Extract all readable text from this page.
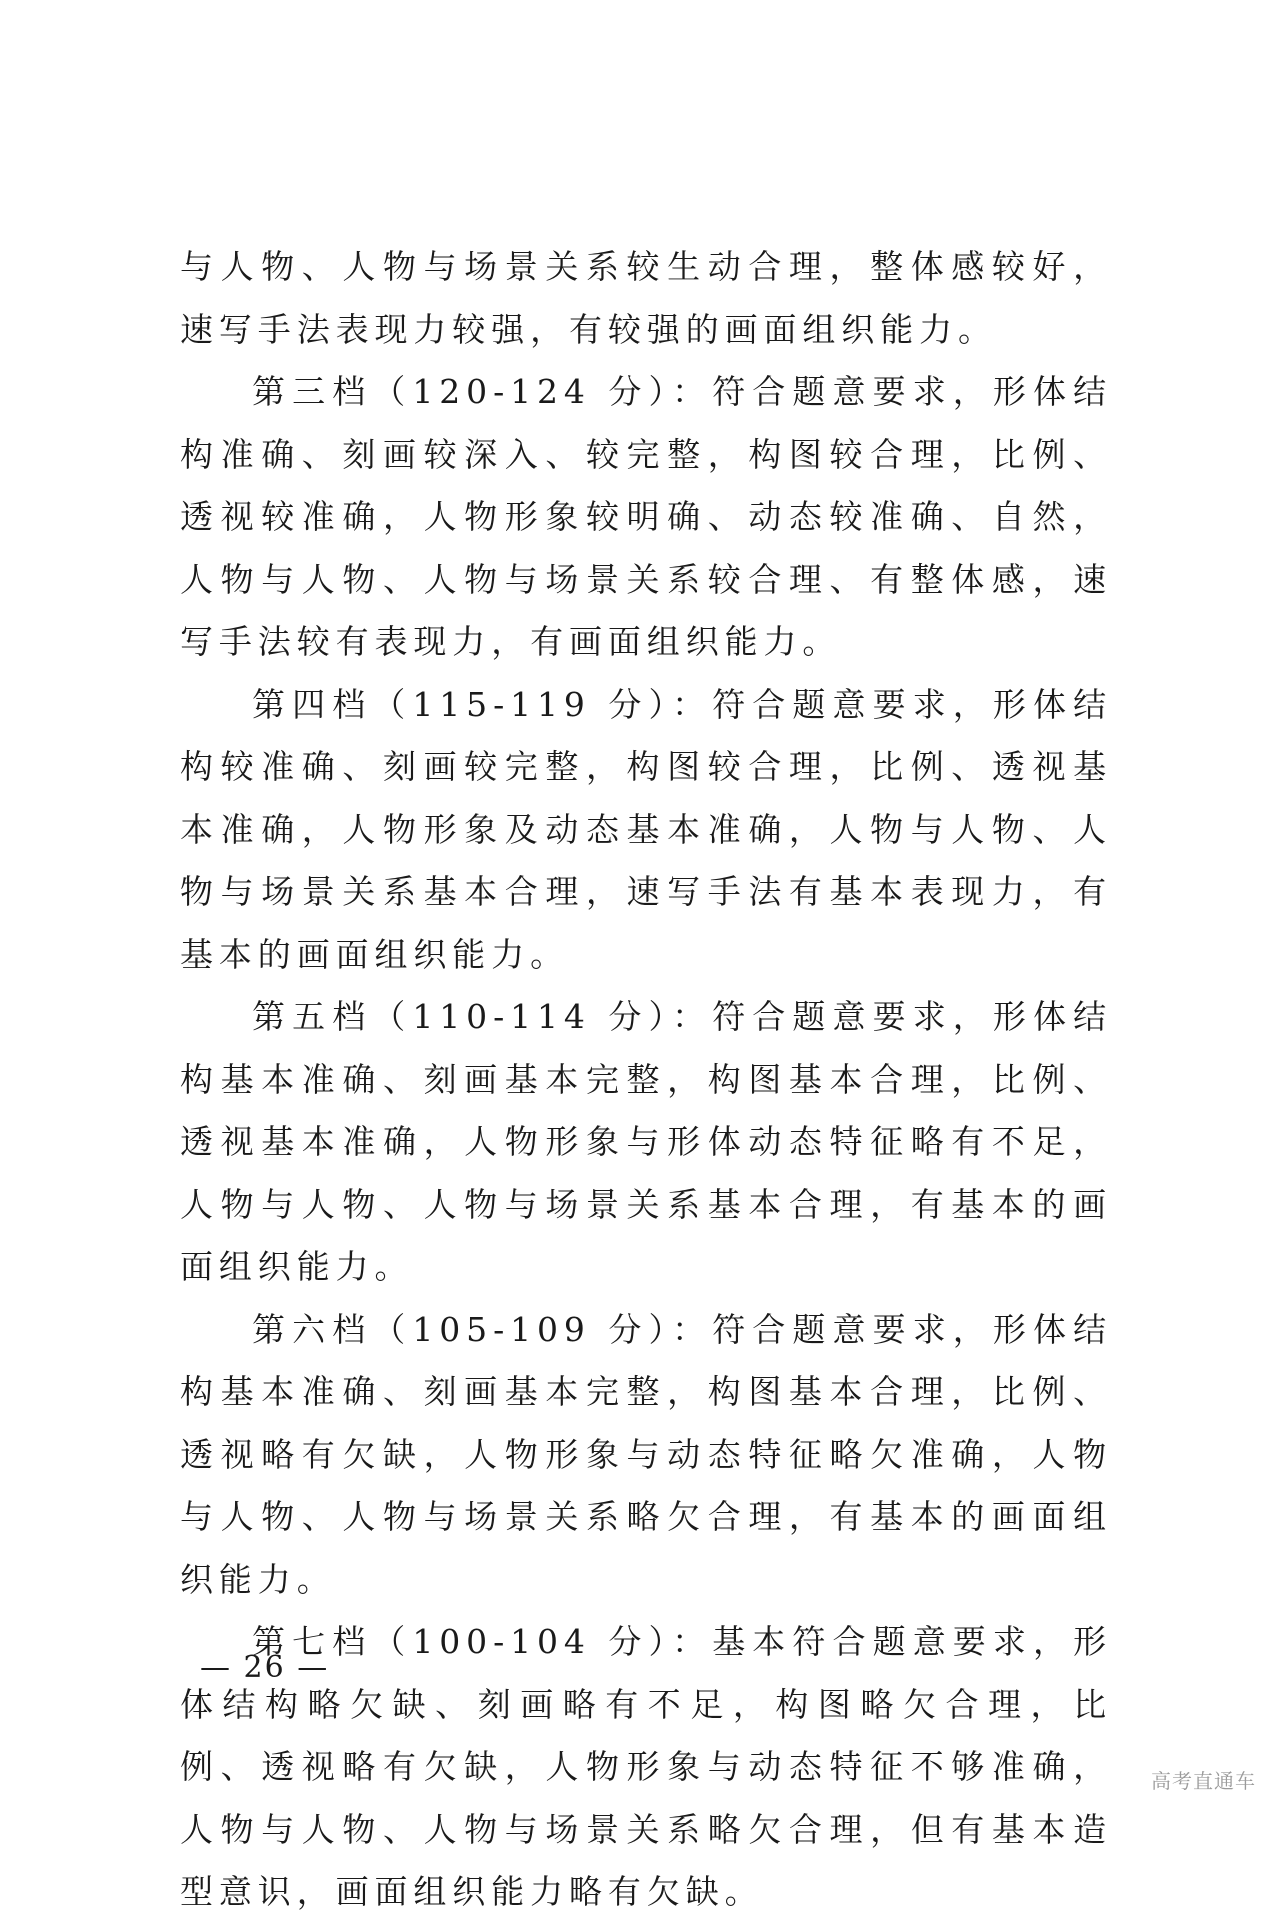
与人物、人物与场景关系较生动合理，整体感较好，速写手法表现力较强，有较强的画面组织能力。

第三档（120-124 分）：符合题意要求，形体结构准确、刻画较深入、较完整，构图较合理，比例、透视较准确，人物形象较明确、动态较准确、自然，人物与人物、人物与场景关系较合理、有整体感，速写手法较有表现力，有画面组织能力。

第四档（115-119 分）：符合题意要求，形体结构较准确、刻画较完整，构图较合理，比例、透视基本准确，人物形象及动态基本准确，人物与人物、人物与场景关系基本合理，速写手法有基本表现力，有基本的画面组织能力。

第五档（110-114 分）：符合题意要求，形体结构基本准确、刻画基本完整，构图基本合理，比例、透视基本准确，人物形象与形体动态特征略有不足，人物与人物、人物与场景关系基本合理，有基本的画面组织能力。

第六档（105-109 分）：符合题意要求，形体结构基本准确、刻画基本完整，构图基本合理，比例、透视略有欠缺，人物形象与动态特征略欠准确，人物与人物、人物与场景关系略欠合理，有基本的画面组织能力。

第七档（100-104 分）：基本符合题意要求，形体结构略欠缺、刻画略有不足，构图略欠合理，比例、透视略有欠缺，人物形象与动态特征不够准确，人物与人物、人物与场景关系略欠合理，但有基本造型意识，画面组织能力略有欠缺。

— 26 —
高考直通车
